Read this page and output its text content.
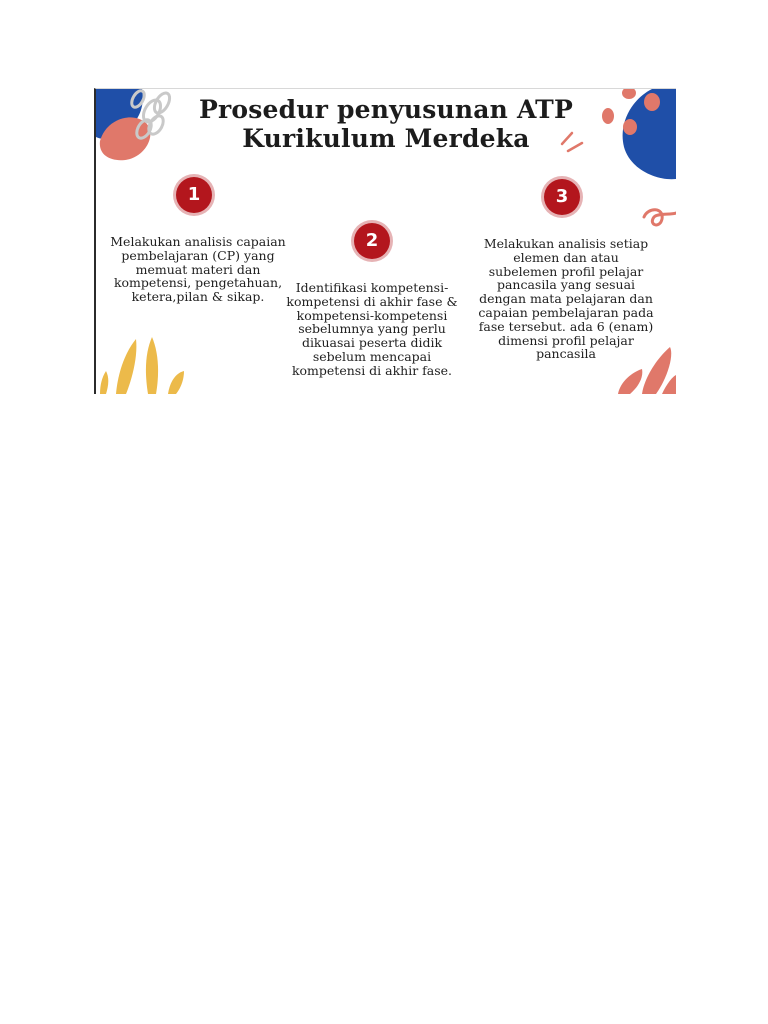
Prosedur penyusunan ATP
Kurikulum Merdeka
1
Melakukan analisis capaian pembelajaran (CP) yang memuat materi dan kompetensi, pengetahuan, ketera,pilan & sikap.
2
Identifikasi kompetensi-kompetensi di akhir fase & kompetensi-kompetensi sebelumnya yang perlu dikuasai peserta didik sebelum mencapai kompetensi di akhir fase.
3
Melakukan analisis setiap elemen dan atau subelemen profil pelajar pancasila yang sesuai dengan mata pelajaran dan capaian pembelajaran pada fase tersebut. ada 6 (enam) dimensi profil pelajar pancasila
